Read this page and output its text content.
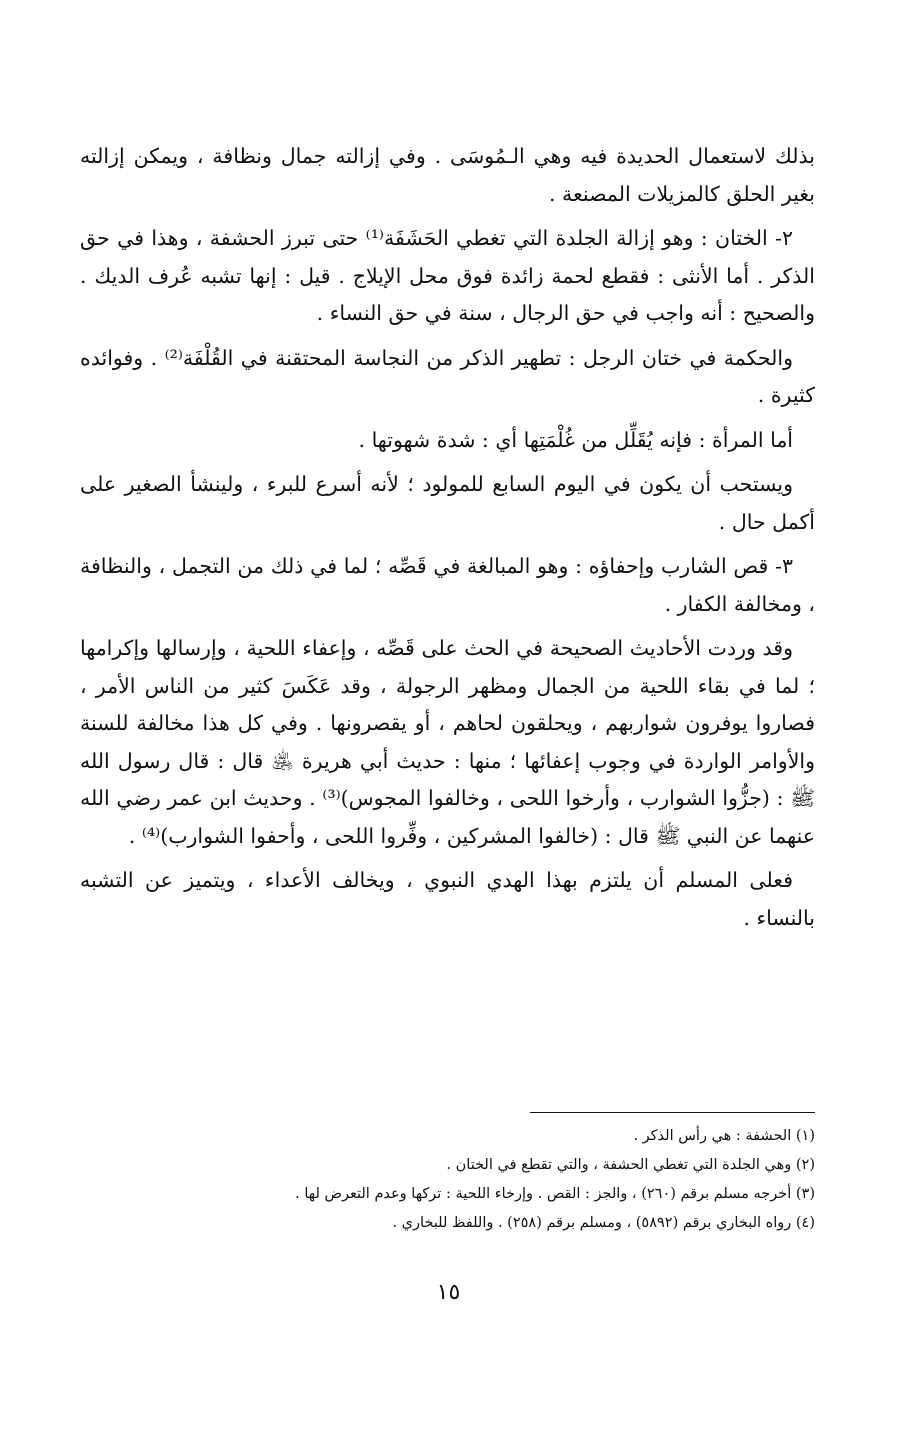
بذلك لاستعمال الحديدة فيه وهي الـمُوسَى . وفي إزالته جمال ونظافة ، ويمكن إزالته بغير الحلق كالمزيلات المصنعة .

٢- الختان : وهو إزالة الجلدة التي تغطي الحَشَفَة⁽¹⁾ حتى تبرز الحشفة ، وهذا في حق الذكر . أما الأنثى : فقطع لحمة زائدة فوق محل الإيلاج . قيل : إنها تشبه عُرف الديك . والصحيح : أنه واجب في حق الرجال ، سنة في حق النساء .

والحكمة في ختان الرجل : تطهير الذكر من النجاسة المحتقنة في القُلْفَة⁽²⁾ . وفوائده كثيرة .

أما المرأة : فإنه يُقَلِّل من غُلْمَتِها أي : شدة شهوتها .

ويستحب أن يكون في اليوم السابع للمولود ؛ لأنه أسرع للبرء ، ولينشأ الصغير على أكمل حال .

٣- قص الشارب وإحفاؤه : وهو المبالغة في قَصِّه ؛ لما في ذلك من التجمل ، والنظافة ، ومخالفة الكفار .

وقد وردت الأحاديث الصحيحة في الحث على قَصِّه ، وإعفاء اللحية ، وإرسالها وإكرامها ؛ لما في بقاء اللحية من الجمال ومظهر الرجولة ، وقد عَكَسَ كثير من الناس الأمر ، فصاروا يوفرون شواربهم ، ويحلقون لحاهم ، أو يقصرونها . وفي كل هذا مخالفة للسنة والأوامر الواردة في وجوب إعفائها ؛ منها : حديث أبي هريرة ﵁ قال : قال رسول الله ﷺ : (جزُّوا الشوارب ، وأرخوا اللحى ، وخالفوا المجوس)⁽³⁾ . وحديث ابن عمر رضي الله عنهما عن النبي ﷺ قال : (خالفوا المشركين ، وفِّروا اللحى ، وأحفوا الشوارب)⁽⁴⁾ .

فعلى المسلم أن يلتزم بهذا الهدي النبوي ، ويخالف الأعداء ، ويتميز عن التشبه بالنساء .

(١) الحشفة : هي رأس الذكر .
(٢) وهي الجلدة التي تغطي الحشفة ، والتي تقطع في الختان .
(٣) أخرجه مسلم برقم (٢٦٠) ، والجز : القص . وإرخاء اللحية : تركها وعدم التعرض لها .
(٤) رواه البخاري برقم (٥٨٩٢) ، ومسلم برقم (٢٥٨) . واللفظ للبخاري .
١٥
